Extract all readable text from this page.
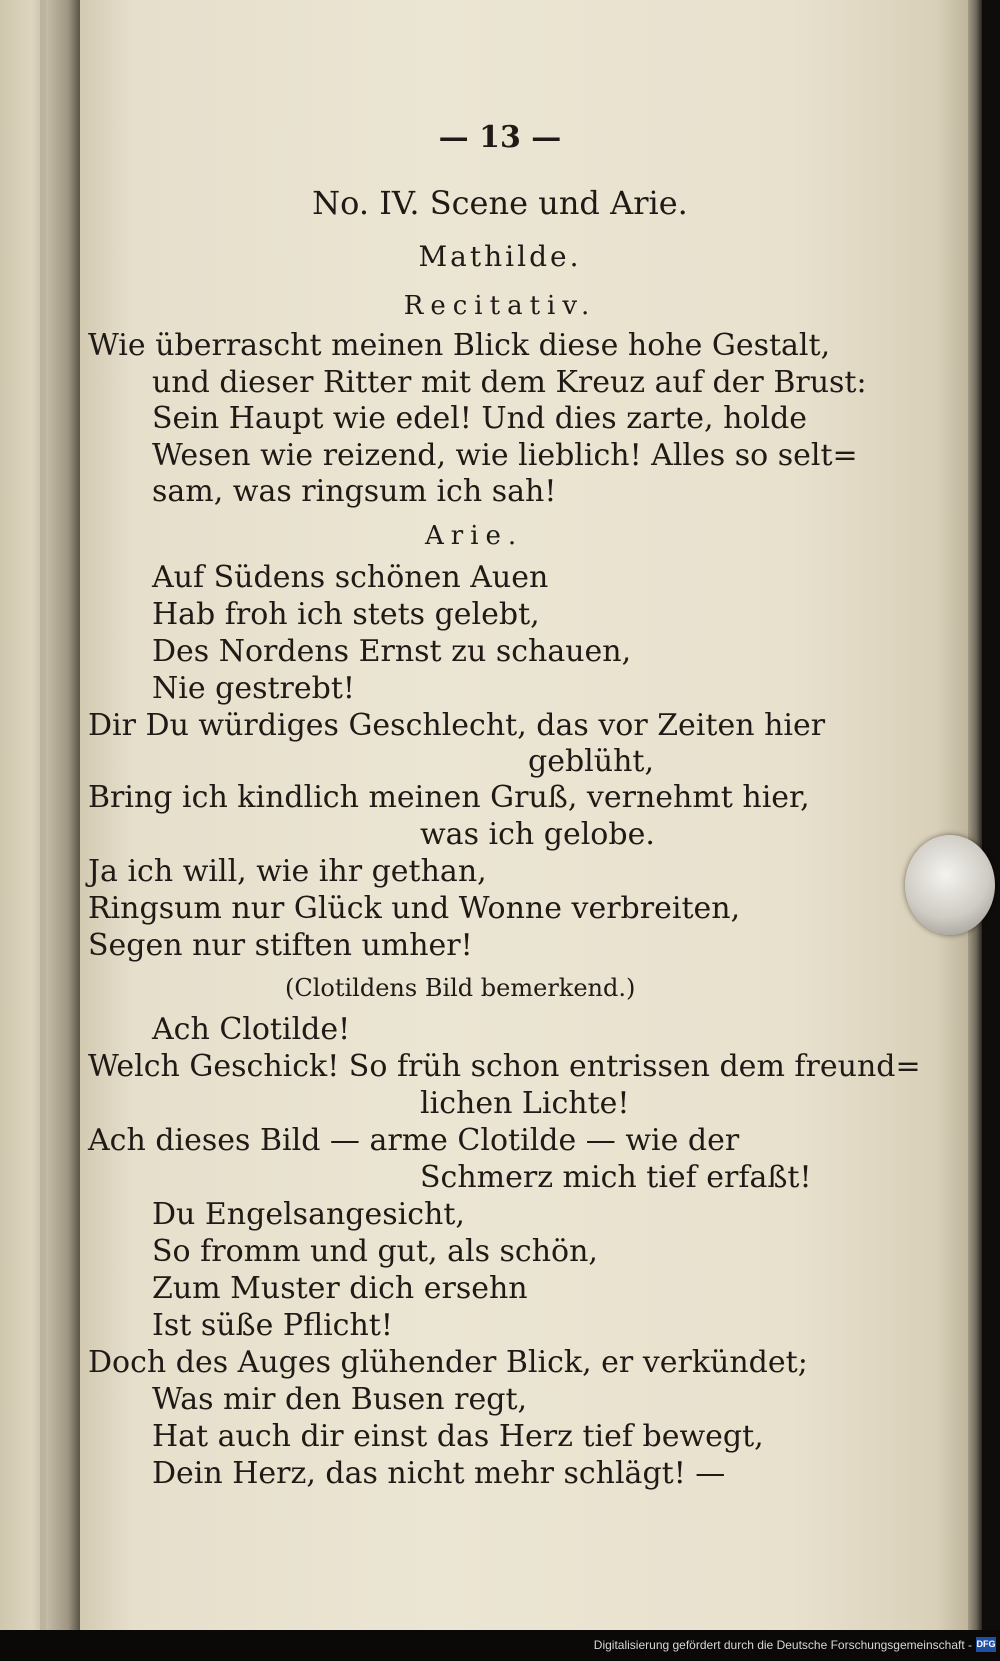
— 13 —
No. IV. Scene und Arie.
Mathilde.
Recitativ.
Wie überrascht meinen Blick diese hohe Gestalt,
und dieser Ritter mit dem Kreuz auf der Brust:
Sein Haupt wie edel! Und dies zarte, holde
Wesen wie reizend, wie lieblich! Alles so selt=
sam, was ringsum ich sah!
Arie.
Auf Südens schönen Auen
Hab froh ich stets gelebt,
Des Nordens Ernst zu schauen,
Nie gestrebt!
Dir Du würdiges Geschlecht, das vor Zeiten hier
geblüht,
Bring ich kindlich meinen Gruß, vernehmt hier,
was ich gelobe.
Ja ich will, wie ihr gethan,
Ringsum nur Glück und Wonne verbreiten,
Segen nur stiften umher!
(Clotildens Bild bemerkend.)
Ach Clotilde!
Welch Geschick! So früh schon entrissen dem freund=
lichen Lichte!
Ach dieses Bild — arme Clotilde — wie der
Schmerz mich tief erfaßt!
Du Engelsangesicht,
So fromm und gut, als schön,
Zum Muster dich ersehn
Ist süße Pflicht!
Doch des Auges glühender Blick, er verkündet;
Was mir den Busen regt,
Hat auch dir einst das Herz tief bewegt,
Dein Herz, das nicht mehr schlägt! —
Digitalisierung gefördert durch die Deutsche Forschungsgemeinschaft - DFG
